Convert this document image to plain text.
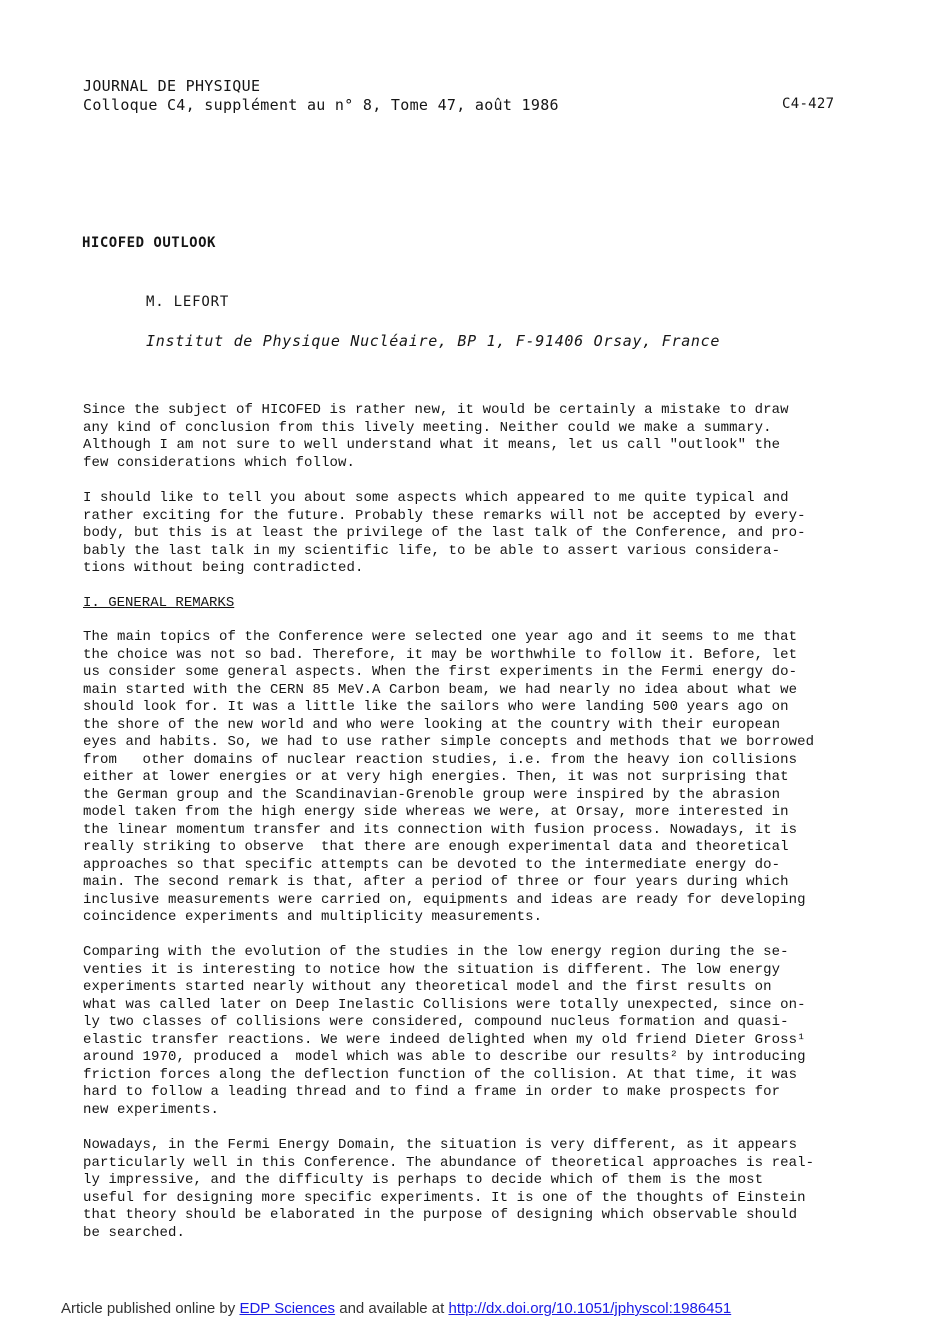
JOURNAL DE PHYSIQUE
Colloque C4, supplément au n° 8, Tome 47, août 1986	C4-427
HICOFED OUTLOOK
M. LEFORT
Institut de Physique Nucléaire, BP 1, F-91406 Orsay, France
Since the subject of HICOFED is rather new, it would be certainly a mistake to draw
any kind of conclusion from this lively meeting. Neither could we make a summary.
Although I am not sure to well understand what it means, let us call "outlook" the
few considerations which follow.
I should like to tell you about some aspects which appeared to me quite typical and
rather exciting for the future. Probably these remarks will not be accepted by every-
body, but this is at least the privilege of the last talk of the Conference, and pro-
bably the last talk in my scientific life, to be able to assert various considera-
tions without being contradicted.
I. GENERAL REMARKS
The main topics of the Conference were selected one year ago and it seems to me that
the choice was not so bad. Therefore, it may be worthwhile to follow it. Before, let
us consider some general aspects. When the first experiments in the Fermi energy do-
main started with the CERN 85 MeV.A Carbon beam, we had nearly no idea about what we
should look for. It was a little like the sailors who were landing 500 years ago on
the shore of the new world and who were looking at the country with their european
eyes and habits. So, we had to use rather simple concepts and methods that we borrowed
from   other domains of nuclear reaction studies, i.e. from the heavy ion collisions
either at lower energies or at very high energies. Then, it was not surprising that
the German group and the Scandinavian-Grenoble group were inspired by the abrasion
model taken from the high energy side whereas we were, at Orsay, more interested in
the linear momentum transfer and its connection with fusion process. Nowadays, it is
really striking to observe  that there are enough experimental data and theoretical
approaches so that specific attempts can be devoted to the intermediate energy do-
main. The second remark is that, after a period of three or four years during which
inclusive measurements were carried on, equipments and ideas are ready for developing
coincidence experiments and multiplicity measurements.
Comparing with the evolution of the studies in the low energy region during the se-
venties it is interesting to notice how the situation is different. The low energy
experiments started nearly without any theoretical model and the first results on
what was called later on Deep Inelastic Collisions were totally unexpected, since on-
ly two classes of collisions were considered, compound nucleus formation and quasi-
elastic transfer reactions. We were indeed delighted when my old friend Dieter Gross¹
around 1970, produced a  model which was able to describe our results² by introducing
friction forces along the deflection function of the collision. At that time, it was
hard to follow a leading thread and to find a frame in order to make prospects for
new experiments.
Nowadays, in the Fermi Energy Domain, the situation is very different, as it appears
particularly well in this Conference. The abundance of theoretical approaches is real-
ly impressive, and the difficulty is perhaps to decide which of them is the most
useful for designing more specific experiments. It is one of the thoughts of Einstein
that theory should be elaborated in the purpose of designing which observable should
be searched.
Article published online by EDP Sciences and available at http://dx.doi.org/10.1051/jphyscol:1986451
